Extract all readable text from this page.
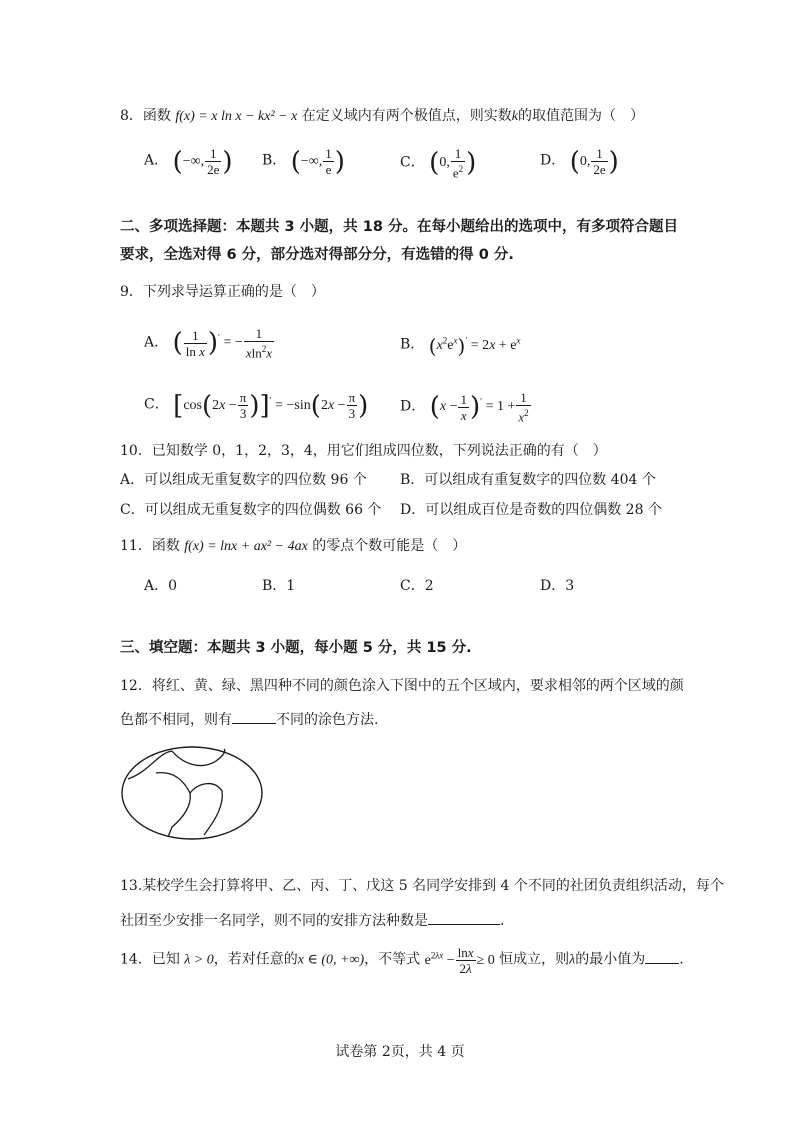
8．函数 f(x) = x ln x − kx² − x 在定义域内有两个极值点，则实数k的取值范围为（　）
A． (−∞, $\frac{1}{2e}$ ) B． (−∞, $\frac{1}{e}$ )	C． (0, $\frac{1}{e^2}$ )	D． (0, $\frac{1}{2e}$ )
二、多项选择题：本题共 3 小题，共 18 分。在每小题给出的选项中，有多项符合题目
要求，全选对得 6 分，部分选对得部分分，有选错的得 0 分.
9．下列求导运算正确的是（　）
A． ( $\frac{1}{\text{ln x}} )'$ = − $\frac{1}{xln^2x}$	B． $(x^2e^x)' = 2x + e^x$
C． $[\cos(2x - \frac{\pi}{3} )]' = -\sin(2x - \frac{\pi}{3}$ ) D． $(x - \frac{1}{x} )' = 1 + \frac{1}{x^2}$
10．已知数学 0，1，2，3，4，用它们组成四位数，下列说法正确的有（　）
A．可以组成无重复数字的四位数 96 个 B．可以组成有重复数字的四位数 404 个
C．可以组成无重复数字的四位偶数 66 个 D．可以组成百位是奇数的四位偶数 28 个
11．函数 f(x) = lnx + ax² − 4ax 的零点个数可能是（　）
A．0	B．1	C．2	D．3
三、填空题：本题共 3 小题，每小题 5 分，共 15 分.
12．将红、黄、绿、黑四种不同的颜色涂入下图中的五个区域内，要求相邻的两个区域的颜
色都不相同，则有	不同的涂色方法.
13.某校学生会打算将甲、乙、丙、丁、戊这 5 名同学安排到 4 个不同的社团负责组织活动，每个
社团至少安排一名同学，则不同的安排方法种数是	.
14．已知 λ > 0，若对任意的x ∈ (0, +∞)，不等式 $e^{2\lambda x} - \frac{\ln x}{2\lambda} \ge 0$ 恒成立，则λ的最小值为 .
试卷第 2页，共 4 页
